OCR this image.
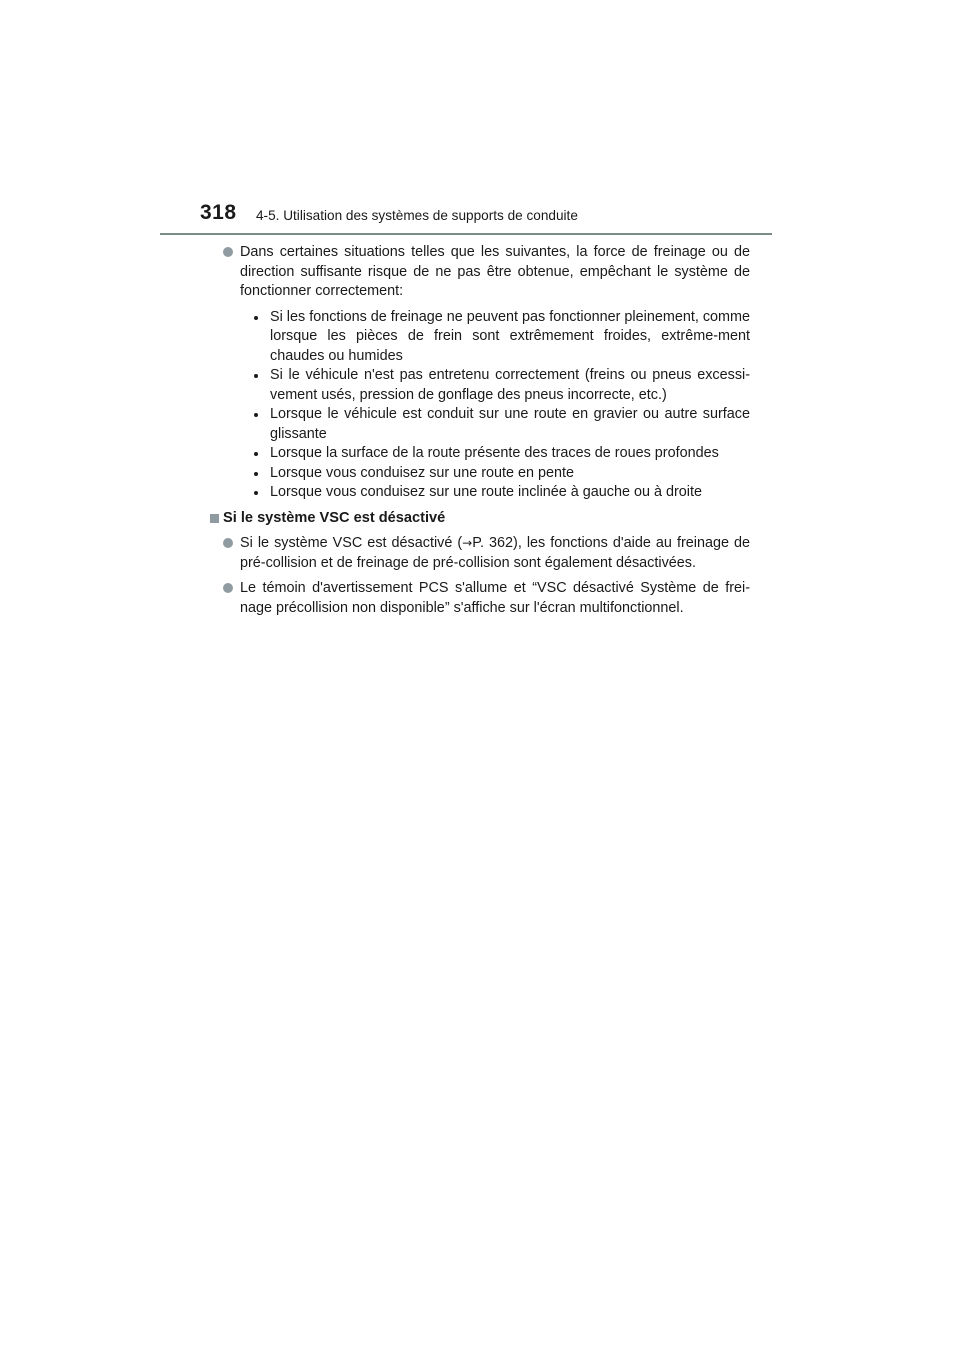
318 4-5. Utilisation des systèmes de supports de conduite
Dans certaines situations telles que les suivantes, la force de freinage ou de direction suffisante risque de ne pas être obtenue, empêchant le système de fonctionner correctement:
Si les fonctions de freinage ne peuvent pas fonctionner pleinement, comme lorsque les pièces de frein sont extrêmement froides, extrême-ment chaudes ou humides
Si le véhicule n'est pas entretenu correctement (freins ou pneus excessi-vement usés, pression de gonflage des pneus incorrecte, etc.)
Lorsque le véhicule est conduit sur une route en gravier ou autre surface glissante
Lorsque la surface de la route présente des traces de roues profondes
Lorsque vous conduisez sur une route en pente
Lorsque vous conduisez sur une route inclinée à gauche ou à droite
Si le système VSC est désactivé
Si le système VSC est désactivé (→P. 362), les fonctions d'aide au freinage de pré-collision et de freinage de pré-collision sont également désactivées.
Le témoin d'avertissement PCS s'allume et “VSC désactivé Système de frei-nage précollision non disponible” s'affiche sur l'écran multifonctionnel.
